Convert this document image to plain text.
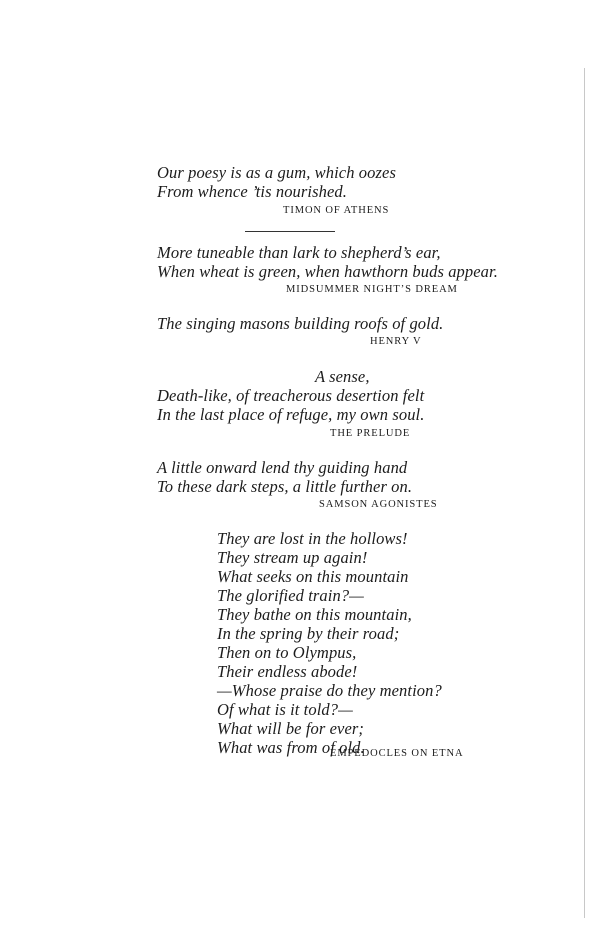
Our poesy is as a gum, which oozes
From whence ’tis nourished.
TIMON OF ATHENS
More tuneable than lark to shepherd’s ear,
When wheat is green, when hawthorn buds appear.
MIDSUMMER NIGHT’S DREAM
The singing masons building roofs of gold.
HENRY V
A sense,
Death-like, of treacherous desertion felt
In the last place of refuge, my own soul.
THE PRELUDE
A little onward lend thy guiding hand
To these dark steps, a little further on.
SAMSON AGONISTES
They are lost in the hollows!
They stream up again!
What seeks on this mountain
The glorified train?—
They bathe on this mountain,
In the spring by their road;
Then on to Olympus,
Their endless abode!
—Whose praise do they mention?
Of what is it told?—
What will be for ever;
What was from of old.
EMPEDOCLES ON ETNA
